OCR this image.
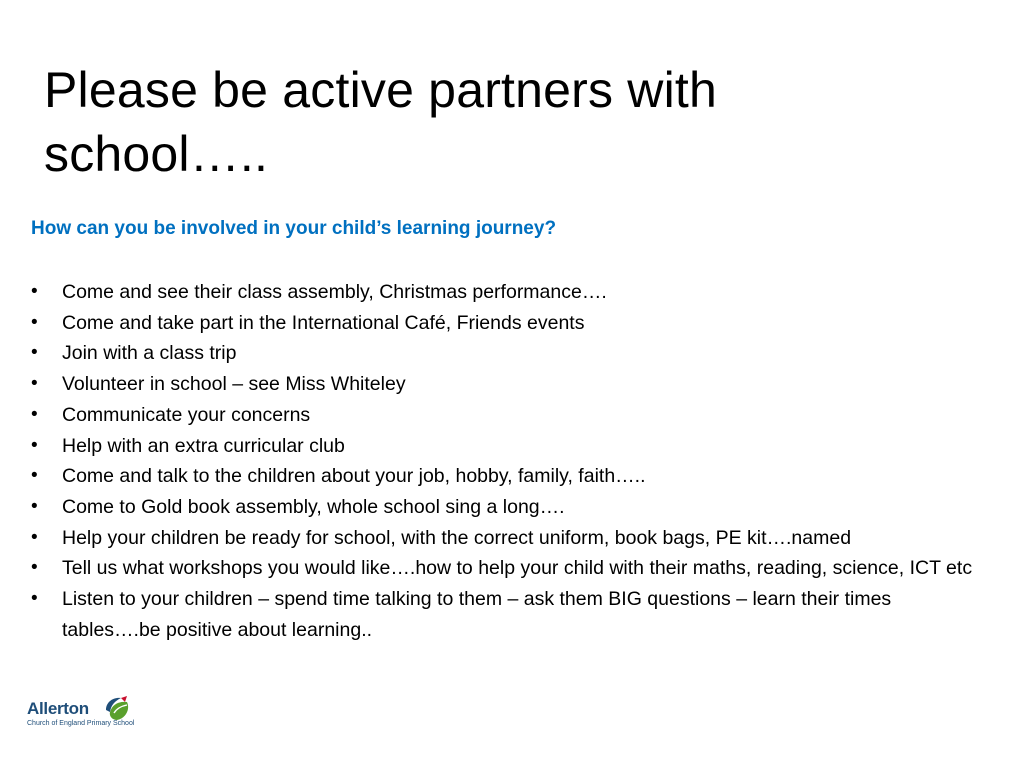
Please be active partners with school…..
How can you be involved in your child’s learning journey?
•	Come and see their class assembly, Christmas performance….
•	Come and take part in the International Café, Friends events
•	Join with a class trip
•	Volunteer in school – see Miss Whiteley
•	Communicate your concerns
•	Help with an extra curricular club
•	Come and talk to the children about your job, hobby, family, faith…..
•	Come to Gold book assembly, whole school sing a long….
•	Help your children be ready for school, with the correct uniform, book bags, PE kit….named
•	Tell us what workshops you would like….how to help your child with their maths, reading, science, ICT etc
•	Listen to your children – spend time talking to them – ask them BIG questions – learn their times tables….be positive about learning..
Allerton
Church of England Primary School
